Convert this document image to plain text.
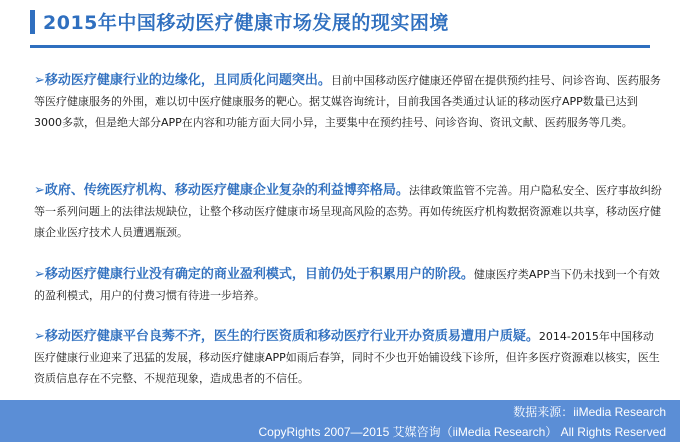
2015年中国移动医疗健康市场发展的现实困境
➢移动医疗健康行业的边缘化，且同质化问题突出。目前中国移动医疗健康还停留在提供预约挂号、问诊咨询、医药服务等医疗健康服务的外围，难以切中医疗健康服务的靶心。据艾媒咨询统计，目前我国各类通过认证的移动医疗APP数量已达到3000多款，但是绝大部分APP在内容和功能方面大同小异，主要集中在预约挂号、问诊咨询、资讯文献、医药服务等几类。
➢政府、传统医疗机构、移动医疗健康企业复杂的利益博弈格局。法律政策监管不完善。用户隐私安全、医疗事故纠纷等一系列问题上的法律法规缺位，让整个移动医疗健康市场呈现高风险的态势。再如传统医疗机构数据资源难以共享，移动医疗健康企业医疗技术人员遭遇瓶颈。
➢移动医疗健康行业没有确定的商业盈利模式，目前仍处于积累用户的阶段。健康医疗类APP当下仍未找到一个有效的盈利模式，用户的付费习惯有待进一步培养。
➢移动医疗健康平台良莠不齐，医生的行医资质和移动医疗行业开办资质易遭用户质疑。2014-2015年中国移动医疗健康行业迎来了迅猛的发展，移动医疗健康APP如雨后春笋，同时不少也开始铺设线下诊所，但许多医疗资源难以核实，医生资质信息存在不完整、不规范现象，造成患者的不信任。
数据来源：iiMedia Research
CopyRights 2007—2015 艾媒咨询（iiMedia Research） All Rights Reserved
